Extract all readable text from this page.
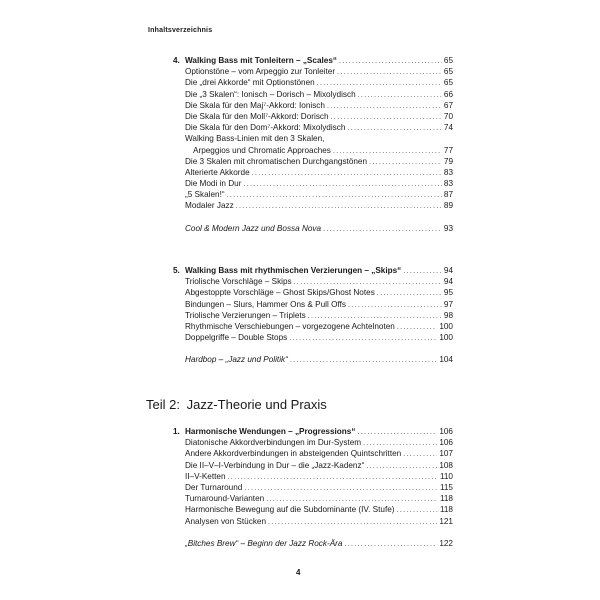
Inhaltsverzeichnis
4. Walking Bass mit Tonleitern – „Scales“ . . .	65
Optionstöne – vom Arpeggio zur Tonleiter . . .	65
Die „drei Akkorde“ mit Optionstönen . . .	65
Die „3 Skalen“: Ionisch – Dorisch – Mixolydisch . . .	66
Die Skala für den Maj⁷-Akkord: Ionisch . . .	67
Die Skala für den Moll⁷-Akkord: Dorisch . . .	70
Die Skala für den Dom⁷-Akkord: Mixolydisch . . .	74
Walking Bass-Linien mit den 3 Skalen,
Arpeggios und Chromatic Approaches . . .	77
Die 3 Skalen mit chromatischen Durchgangstönen . . .	79
Alterierte Akkorde . . .	83
Die Modi in Dur . . .	83
„5 Skalen!“ . . .	87
Modaler Jazz . . .	89
Cool & Modern Jazz und Bossa Nova . . .	93
5. Walking Bass mit rhythmischen Verzierungen – „Skips“ . . .	94
Triolische Vorschläge – Skips . . .	94
Abgestoppte Vorschläge – Ghost Skips/Ghost Notes . . .	95
Bindungen – Slurs, Hammer Ons & Pull Offs . . .	97
Triolische Verzierungen – Triplets . . .	98
Rhythmische Verschiebungen – vorgezogene Achtelnoten . . .	100
Doppelgriffe – Double Stops . . .	100
Hardbop – „Jazz und Politik“ . . .	104
Teil 2: Jazz-Theorie und Praxis
1. Harmonische Wendungen – „Progressions“ . . .	106
Diatonische Akkordverbindungen im Dur-System . . .	106
Andere Akkordverbindungen in absteigenden Quintschritten . . .	107
Die II–V–I-Verbindung in Dur – die „Jazz-Kadenz“ . . .	108
II–V-Ketten . . .	110
Der Turnaround . . .	115
Turnaround-Varianten . . .	118
Harmonische Bewegung auf die Subdominante (IV. Stufe) . . .	118
Analysen von Stücken . . .	121
„Bitches Brew“ – Beginn der Jazz Rock-Ära . . .	122
4
